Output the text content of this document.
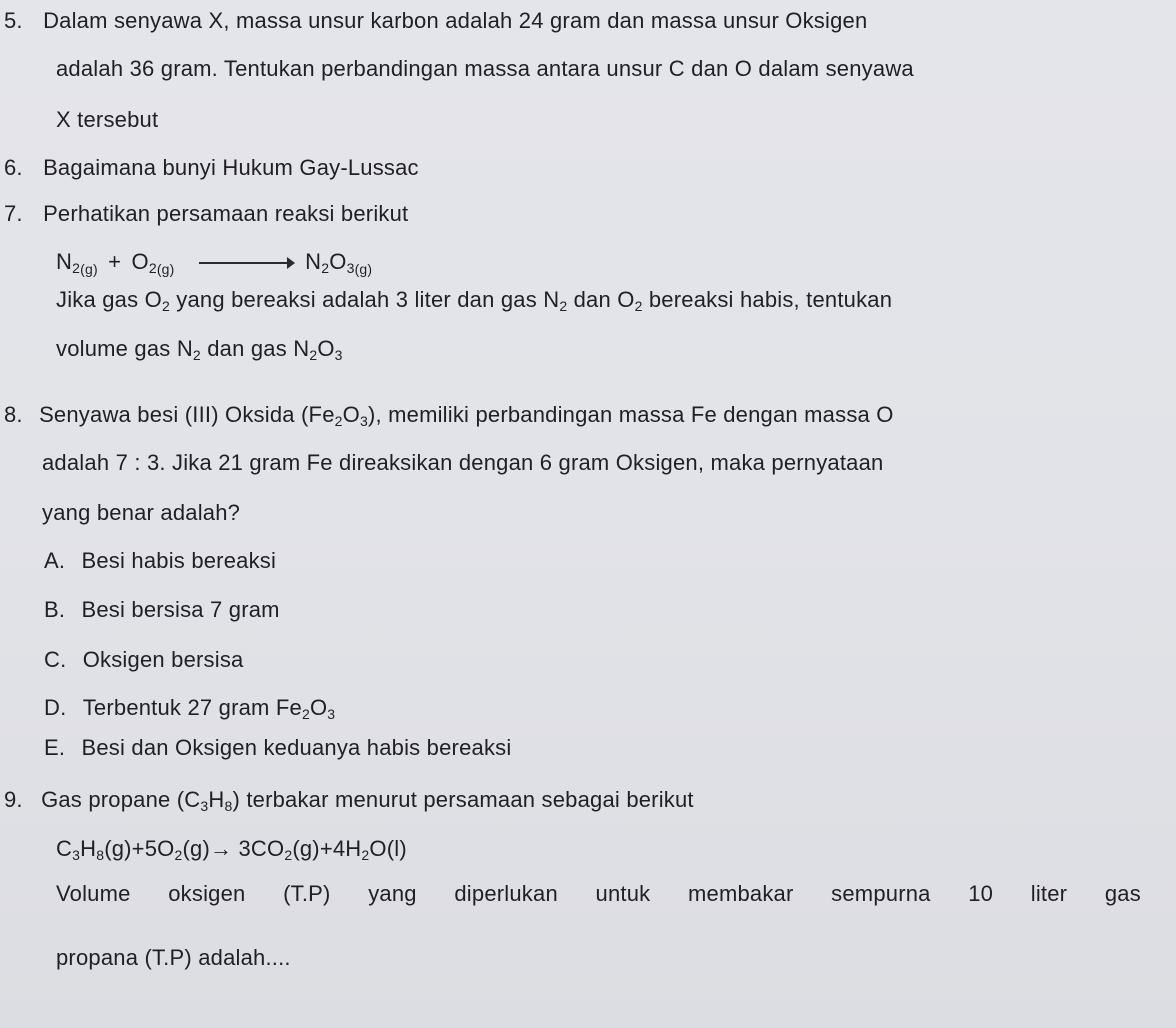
5. Dalam senyawa X, massa unsur karbon adalah 24 gram dan massa unsur Oksigen
adalah 36 gram. Tentukan perbandingan massa antara unsur C dan O dalam senyawa
X tersebut
6. Bagaimana bunyi Hukum Gay-Lussac
7. Perhatikan persamaan reaksi berikut
$N_{2(g)} + O_{2(g)}$	$N_2O_{3(g)}$
Jika gas $O_2$ yang bereaksi adalah 3 liter dan gas $N_2$ dan $O_2$ bereaksi habis, tentukan
volume gas $N_2$ dan gas $N_2O_3$
8. Senyawa besi (III) Oksida $(Fe_2O_3)$, memiliki perbandingan massa Fe dengan massa O
adalah 7 : 3. Jika 21 gram Fe direaksikan dengan 6 gram Oksigen, maka pernyataan
yang benar adalah?
A. Besi habis bereaksi
B. Besi bersisa 7 gram
C. Oksigen bersisa
D. Terbentuk 27 gram $Fe_2O_3$
E. Besi dan Oksigen keduanya habis bereaksi
9. Gas propane $(C_3H_8)$ terbakar menurut persamaan sebagai berikut
$C_3H_8(g)+5O_2(g)\to 3CO_2(g)+4H_2O(l)$
Volume oksigen (T.P) yang diperlukan untuk membakar sempurna 10 liter gas
propana (T.P) adalah....
